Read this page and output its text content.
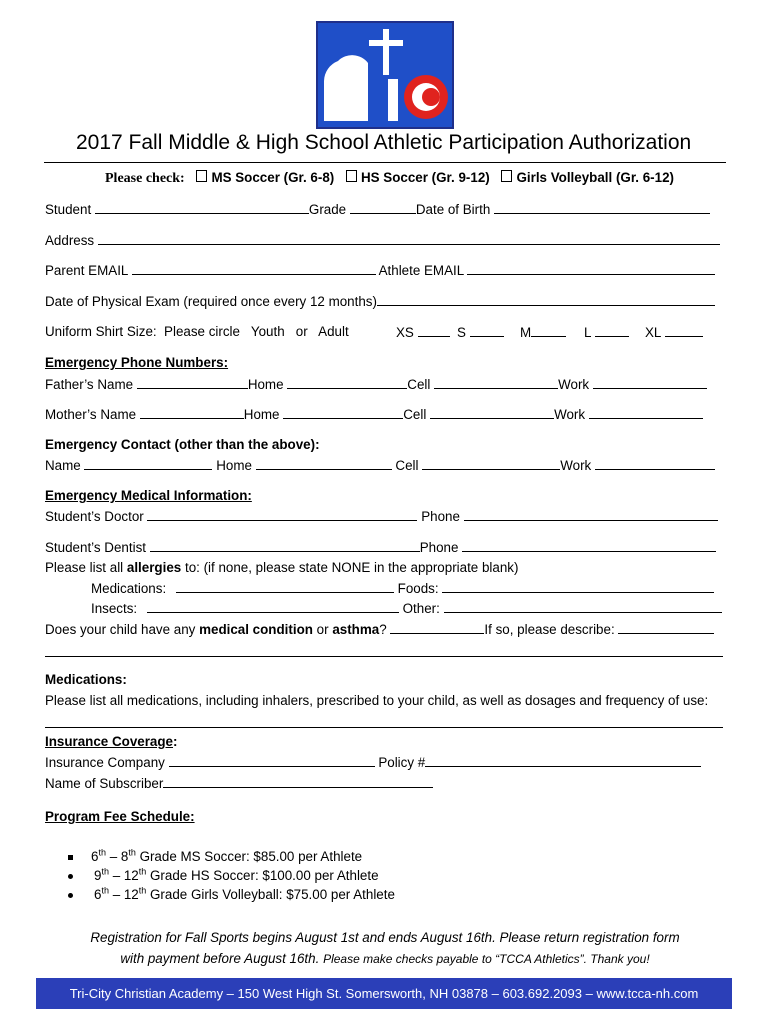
2017 Fall Middle & High School Athletic Participation Authorization
Please check: MS Soccer (Gr. 6-8) HS Soccer (Gr. 9-12) Girls Volleyball (Gr. 6-12)
Student	Grade	Date of Birth
Address
Parent EMAIL	Athlete EMAIL
Date of Physical Exam (required once every 12 months)
Uniform Shirt Size:  Please circle   Youth   or   Adult	XS	S	M	L	XL
Emergency Phone Numbers:
Father’s Name	Home	Cell	Work
Mother’s Name	Home	Cell	Work
Emergency Contact (other than the above):
Name	Home	Cell	Work
Emergency Medical Information:
Student’s Doctor	Phone
Student’s Dentist	Phone
Please list all allergies to: (if none, please state NONE in the appropriate blank)
Medications:	Foods:
Insects:	Other:
Does your child have any medical condition or asthma?	If so, please describe:
Medications:
Please list all medications, including inhalers, prescribed to your child, as well as dosages and frequency of use:
Insurance Coverage:
Insurance Company	Policy #
Name of Subscriber
Program Fee Schedule:
6th – 8th Grade MS Soccer: $85.00 per Athlete
9th – 12th Grade HS Soccer: $100.00 per Athlete
6th – 12th Grade Girls Volleyball: $75.00 per Athlete
Registration for Fall Sports begins August 1st and ends August 16th. Please return registration form
with payment before August 16th. Please make checks payable to “TCCA Athletics”. Thank you!
Tri-City Christian Academy – 150 West High St. Somersworth, NH 03878 – 603.692.2093 – www.tcca-nh.com
